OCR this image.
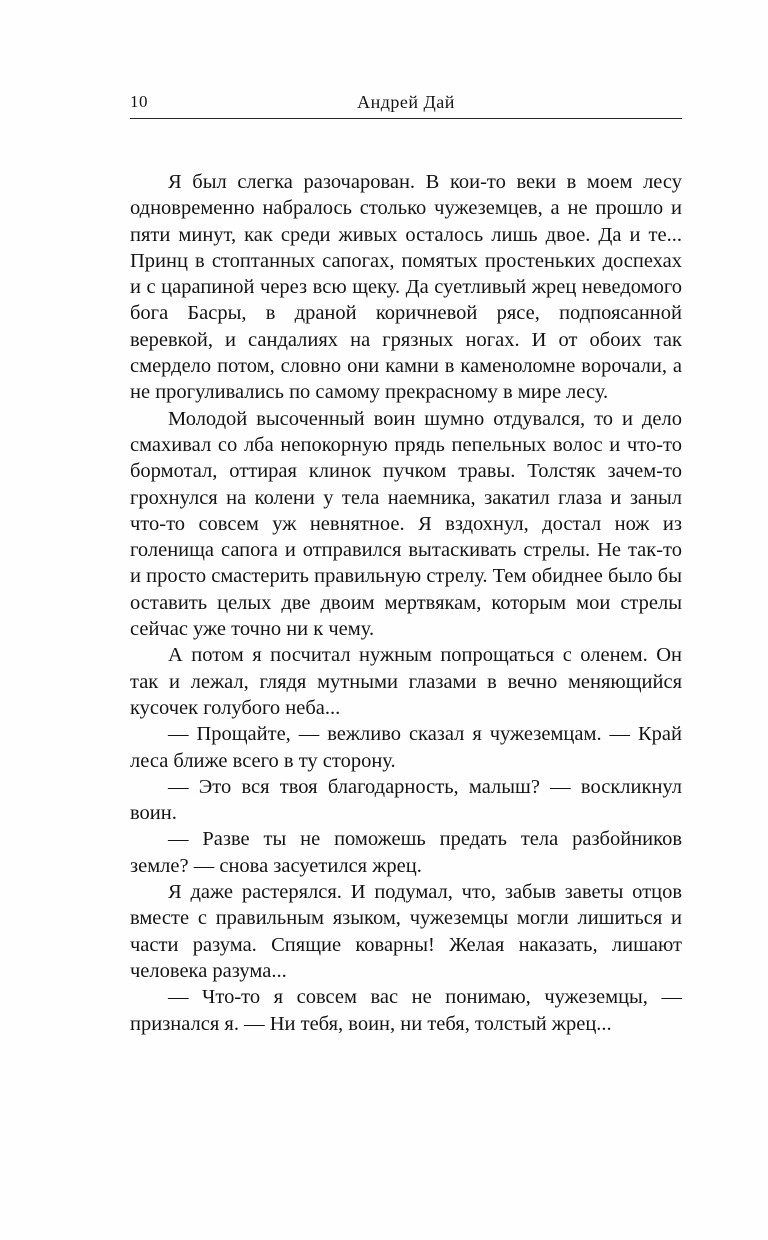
10	Андрей Дай

Я был слегка разочарован. В кои-то веки в моем лесу одновременно набралось столько чужеземцев, а не прошло и пяти минут, как среди живых осталось лишь двое. Да и те... Принц в стоптанных сапогах, помятых простеньких доспехах и с царапиной через всю щеку. Да суетливый жрец неведомого бога Басры, в драной коричневой рясе, подпоясанной веревкой, и сандалиях на грязных ногах. И от обоих так смердело потом, словно они камни в каменоломне ворочали, а не прогуливались по самому прекрасному в мире лесу.

Молодой высоченный воин шумно отдувался, то и дело смахивал со лба непокорную прядь пепельных волос и что-то бормотал, оттирая клинок пучком травы. Толстяк зачем-то грохнулся на колени у тела наемника, закатил глаза и заныл что-то совсем уж невнятное. Я вздохнул, достал нож из голенища сапога и отправился вытаскивать стрелы. Не так-то и просто смастерить правильную стрелу. Тем обиднее было бы оставить целых две двоим мертвякам, которым мои стрелы сейчас уже точно ни к чему.

А потом я посчитал нужным попрощаться с оленем. Он так и лежал, глядя мутными глазами в вечно меняющийся кусочек голубого неба...

— Прощайте, — вежливо сказал я чужеземцам. — Край леса ближе всего в ту сторону.

— Это вся твоя благодарность, малыш? — воскликнул воин.

— Разве ты не поможешь предать тела разбойников земле? — снова засуетился жрец.

Я даже растерялся. И подумал, что, забыв заветы отцов вместе с правильным языком, чужеземцы могли лишиться и части разума. Спящие коварны! Желая наказать, лишают человека разума...

— Что-то я совсем вас не понимаю, чужеземцы, — признался я. — Ни тебя, воин, ни тебя, толстый жрец...
